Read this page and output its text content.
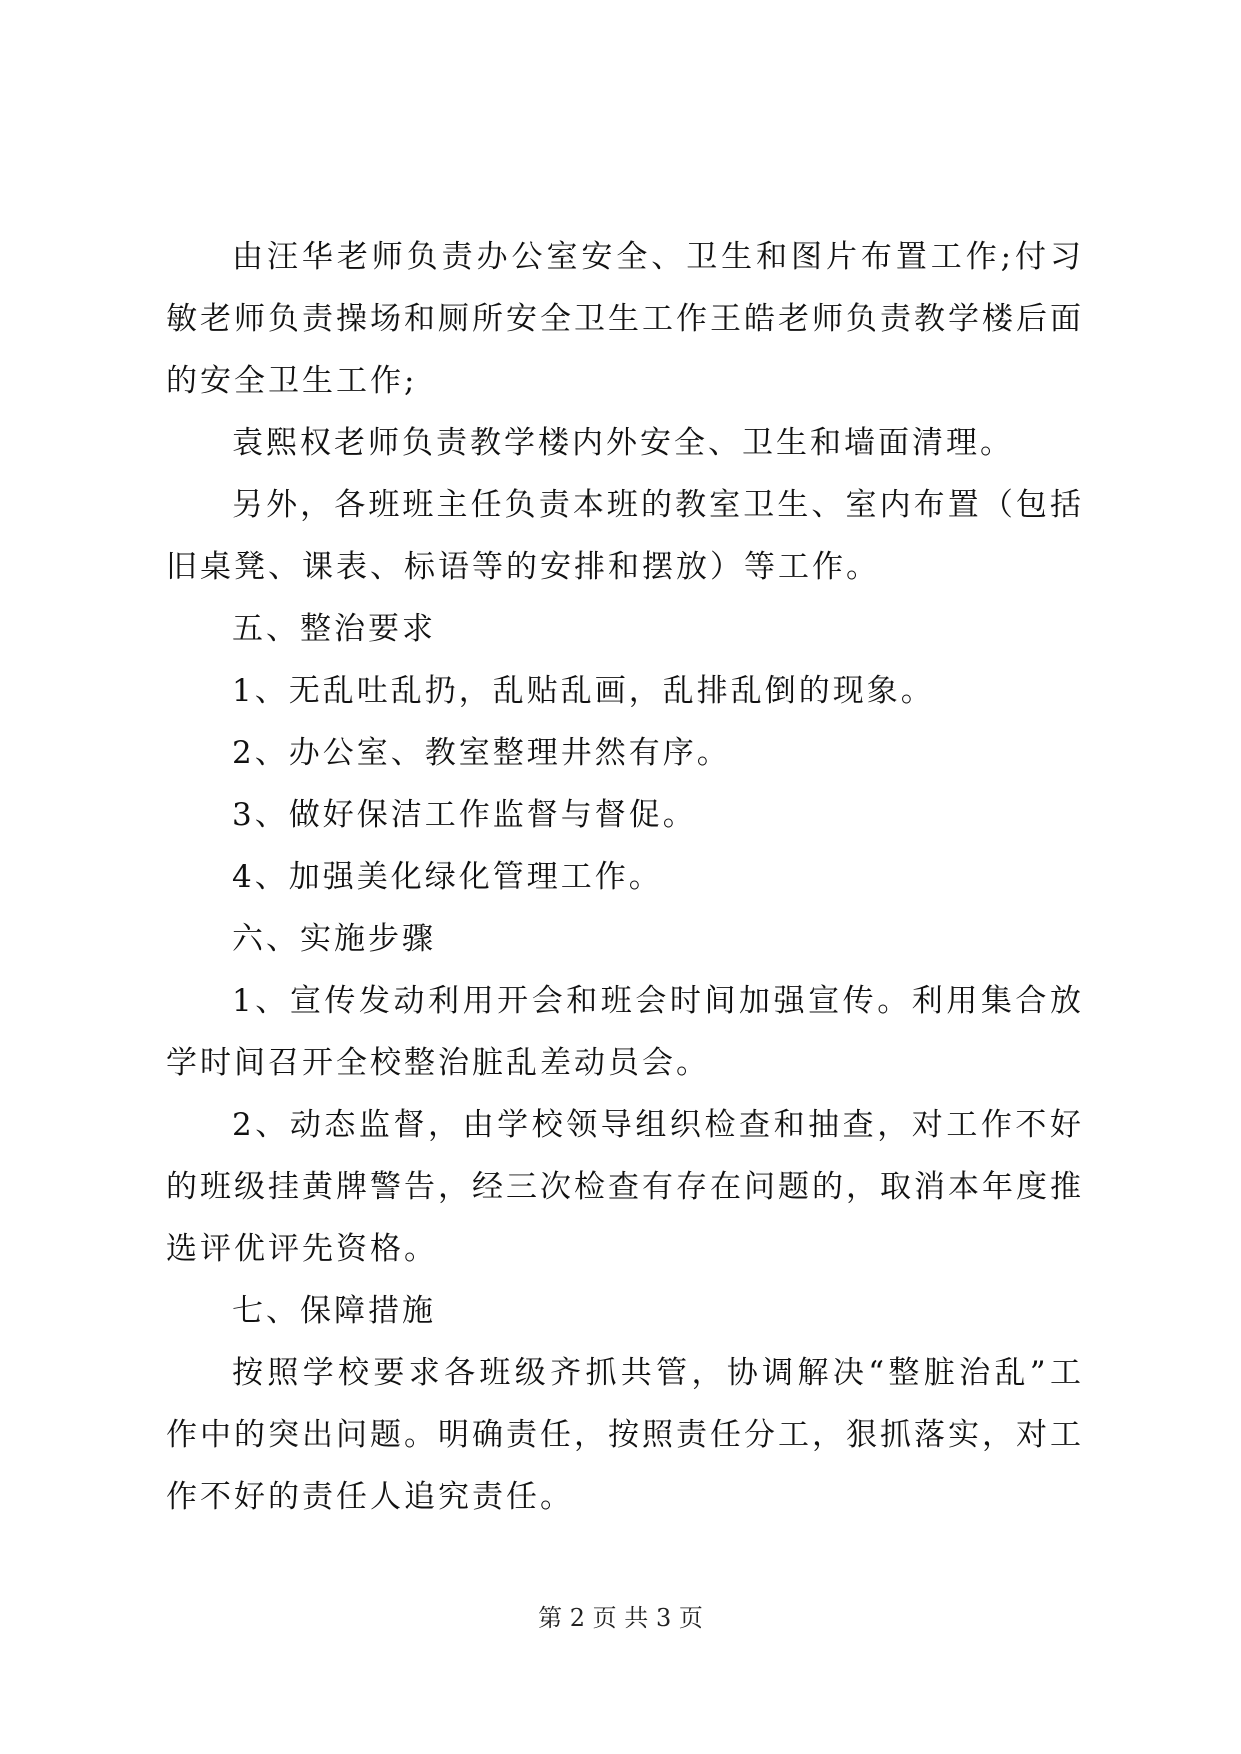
由汪华老师负责办公室安全、卫生和图片布置工作;付习敏老师负责操场和厕所安全卫生工作王皓老师负责教学楼后面的安全卫生工作;

袁熙权老师负责教学楼内外安全、卫生和墙面清理。

另外，各班班主任负责本班的教室卫生、室内布置（包括旧桌凳、课表、标语等的安排和摆放）等工作。

五、整治要求

1、无乱吐乱扔，乱贴乱画，乱排乱倒的现象。

2、办公室、教室整理井然有序。

3、做好保洁工作监督与督促。

4、加强美化绿化管理工作。

六、实施步骤

1、宣传发动利用开会和班会时间加强宣传。利用集合放学时间召开全校整治脏乱差动员会。

2、动态监督，由学校领导组织检查和抽查，对工作不好的班级挂黄牌警告，经三次检查有存在问题的，取消本年度推选评优评先资格。

七、保障措施

按照学校要求各班级齐抓共管，协调解决“整脏治乱”工作中的突出问题。明确责任，按照责任分工，狠抓落实，对工作不好的责任人追究责任。

第 2 页 共 3 页
